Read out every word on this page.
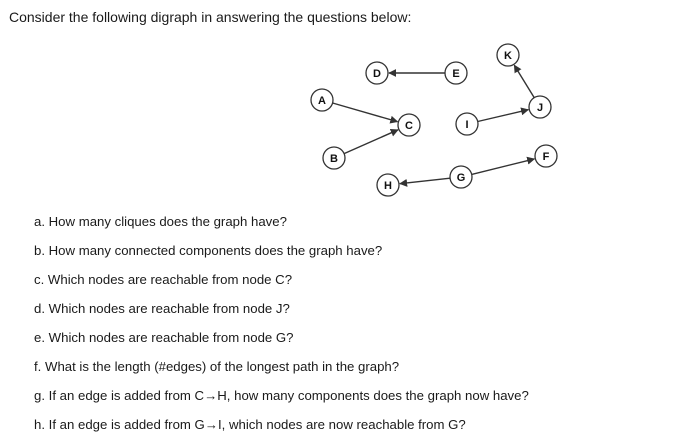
Consider the following digraph in answering the questions below:
A
B
C
D	E
F
G
H
I
J
K
a. How many cliques does the graph have?
b. How many connected components does the graph have?
c. Which nodes are reachable from node C?
d. Which nodes are reachable from node J?
e. Which nodes are reachable from node G?
f. What is the length (#edges) of the longest path in the graph?
g. If an edge is added from C→H, how many components does the graph now have?
h. If an edge is added from G→I, which nodes are now reachable from G?
